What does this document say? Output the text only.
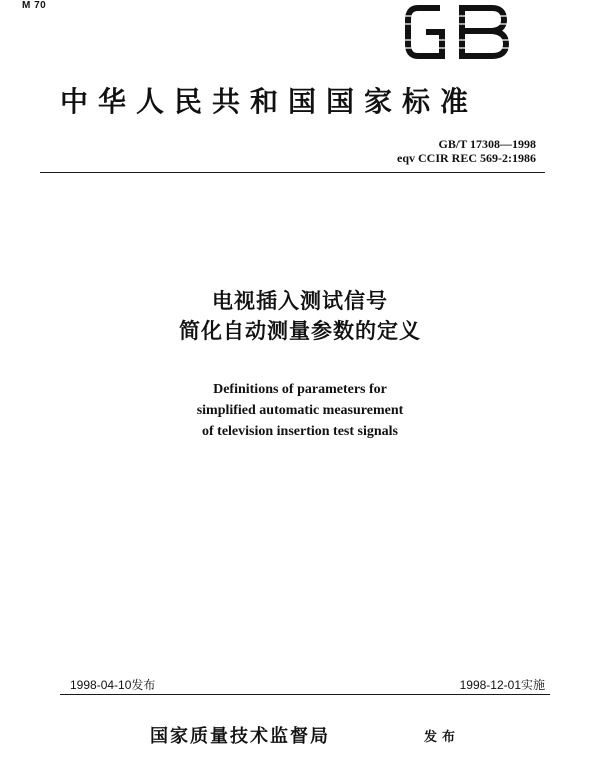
M 70
中华人民共和国国家标准
GB/T 17308—1998
eqv CCIR REC 569-2:1986
电视插入测试信号
简化自动测量参数的定义
Definitions of parameters for
simplified automatic measurement
of television insertion test signals
1998-04-10发布	1998-12-01实施
国家质量技术监督局	发布
